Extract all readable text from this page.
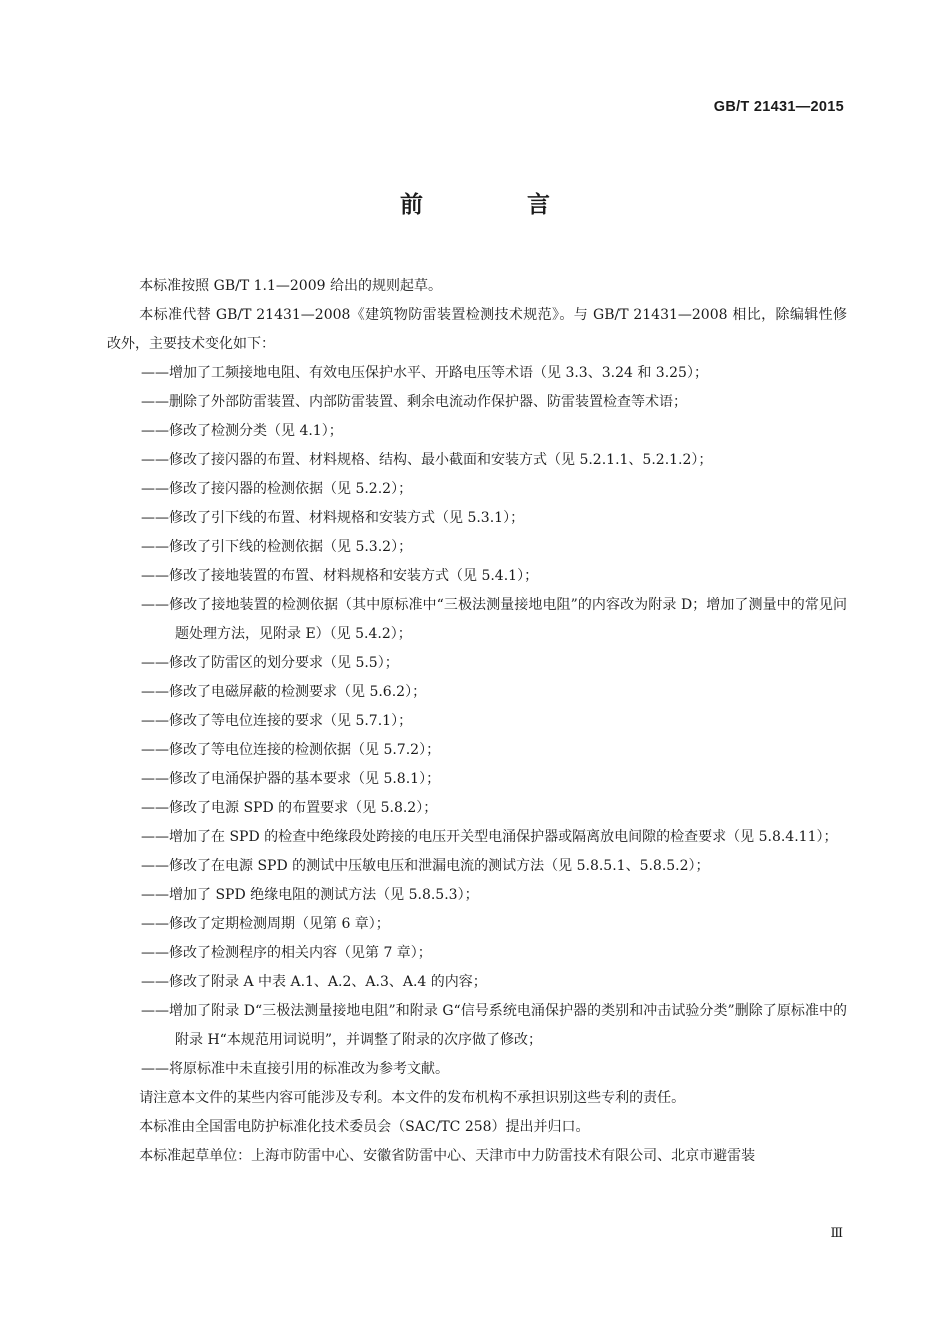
GB/T 21431—2015
前 言

本标准按照 GB/T 1.1—2009 给出的规则起草。

本标准代替 GB/T 21431—2008《建筑物防雷装置检测技术规范》。与 GB/T 21431—2008 相比，除编辑性修改外，主要技术变化如下：

——增加了工频接地电阻、有效电压保护水平、开路电压等术语（见 3.3、3.24 和 3.25）；

——删除了外部防雷装置、内部防雷装置、剩余电流动作保护器、防雷装置检查等术语；

——修改了检测分类（见 4.1）；

——修改了接闪器的布置、材料规格、结构、最小截面和安装方式（见 5.2.1.1、5.2.1.2）；

——修改了接闪器的检测依据（见 5.2.2）；

——修改了引下线的布置、材料规格和安装方式（见 5.3.1）；

——修改了引下线的检测依据（见 5.3.2）；

——修改了接地装置的布置、材料规格和安装方式（见 5.4.1）；

——修改了接地装置的检测依据（其中原标准中“三极法测量接地电阻”的内容改为附录 D；增加了测量中的常见问题处理方法，见附录 E）（见 5.4.2）；

——修改了防雷区的划分要求（见 5.5）；

——修改了电磁屏蔽的检测要求（见 5.6.2）；

——修改了等电位连接的要求（见 5.7.1）；

——修改了等电位连接的检测依据（见 5.7.2）；

——修改了电涌保护器的基本要求（见 5.8.1）；

——修改了电源 SPD 的布置要求（见 5.8.2）；

——增加了在 SPD 的检查中绝缘段处跨接的电压开关型电涌保护器或隔离放电间隙的检查要求（见 5.8.4.11）；

——修改了在电源 SPD 的测试中压敏电压和泄漏电流的测试方法（见 5.8.5.1、5.8.5.2）；

——增加了 SPD 绝缘电阻的测试方法（见 5.8.5.3）；

——修改了定期检测周期（见第 6 章）；

——修改了检测程序的相关内容（见第 7 章）；

——修改了附录 A 中表 A.1、A.2、A.3、A.4 的内容；

——增加了附录 D“三极法测量接地电阻”和附录 G“信号系统电涌保护器的类别和冲击试验分类”删除了原标准中的附录 H“本规范用词说明”，并调整了附录的次序做了修改；

——将原标准中未直接引用的标准改为参考文献。

请注意本文件的某些内容可能涉及专利。本文件的发布机构不承担识别这些专利的责任。

本标准由全国雷电防护标准化技术委员会（SAC/TC 258）提出并归口。

本标准起草单位：上海市防雷中心、安徽省防雷中心、天津市中力防雷技术有限公司、北京市避雷装

Ⅲ
